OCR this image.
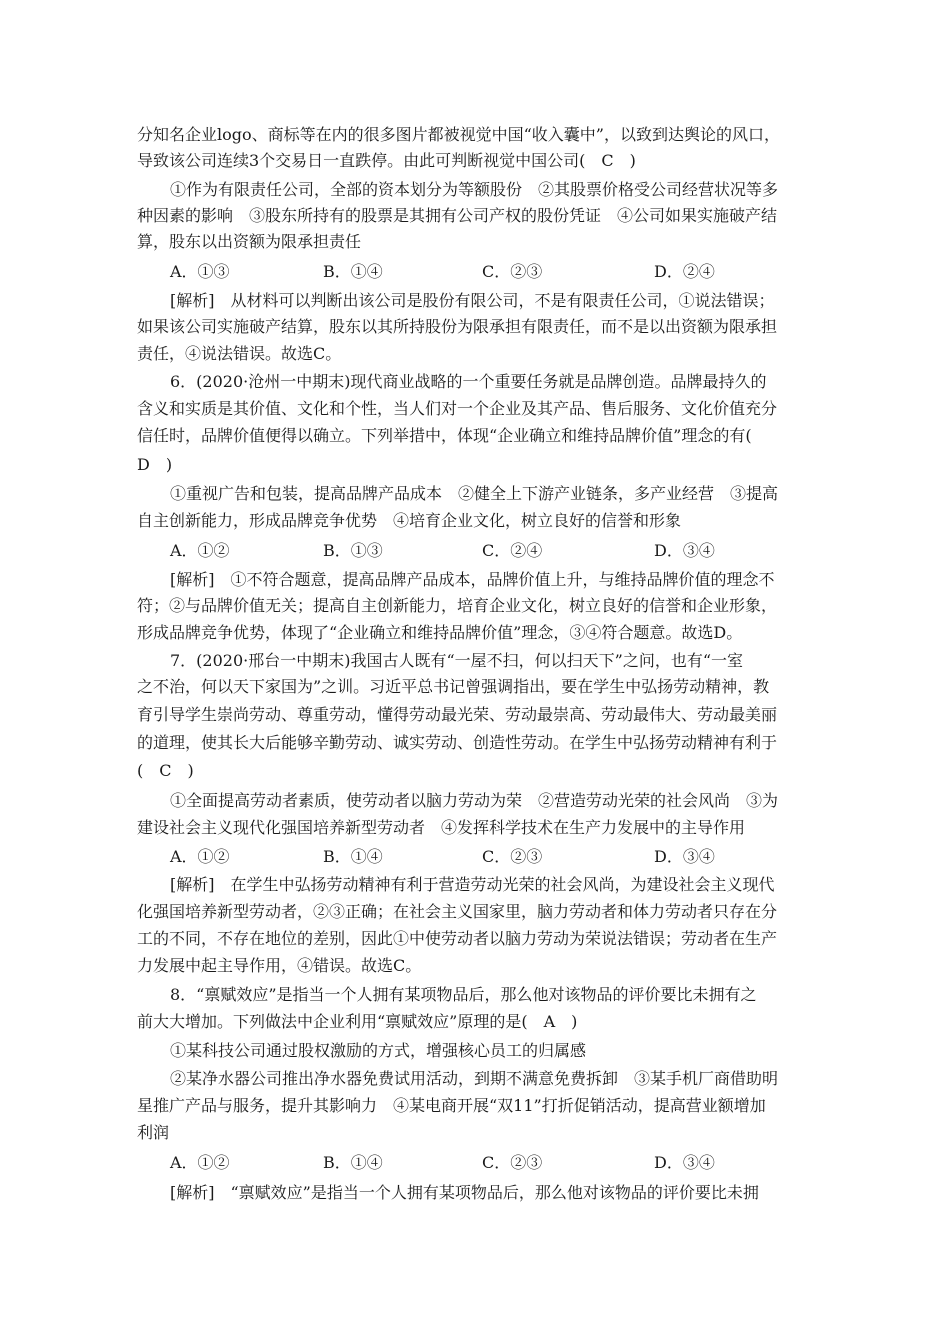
分知名企业logo、商标等在内的很多图片都被视觉中国“收入囊中”，以致到达舆论的风口，
导致该公司连续3个交易日一直跌停。由此可判断视觉中国公司(　C　)
①作为有限责任公司，全部的资本划分为等额股份　②其股票价格受公司经营状况等多
种因素的影响　③股东所持有的股票是其拥有公司产权的股份凭证　④公司如果实施破产结
算，股东以出资额为限承担责任
A．①③	B．①④	C．②③	D．②④
[解析]　从材料可以判断出该公司是股份有限公司，不是有限责任公司，①说法错误；
如果该公司实施破产结算，股东以其所持股份为限承担有限责任，而不是以出资额为限承担
责任，④说法错误。故选C。
6．(2020·沧州一中期末)现代商业战略的一个重要任务就是品牌创造。品牌最持久的
含义和实质是其价值、文化和个性，当人们对一个企业及其产品、售后服务、文化价值充分
信任时，品牌价值便得以确立。下列举措中，体现“企业确立和维持品牌价值”理念的有(
D　)
①重视广告和包装，提高品牌产品成本　②健全上下游产业链条，多产业经营　③提高
自主创新能力，形成品牌竞争优势　④培育企业文化，树立良好的信誉和形象
A．①②	B．①③	C．②④	D．③④
[解析]　①不符合题意，提高品牌产品成本，品牌价值上升，与维持品牌价值的理念不
符；②与品牌价值无关；提高自主创新能力，培育企业文化，树立良好的信誉和企业形象，
形成品牌竞争优势，体现了“企业确立和维持品牌价值”理念，③④符合题意。故选D。
7．(2020·邢台一中期末)我国古人既有“一屋不扫，何以扫天下”之问，也有“一室
之不治，何以天下家国为”之训。习近平总书记曾强调指出，要在学生中弘扬劳动精神，教
育引导学生崇尚劳动、尊重劳动，懂得劳动最光荣、劳动最崇高、劳动最伟大、劳动最美丽
的道理，使其长大后能够辛勤劳动、诚实劳动、创造性劳动。在学生中弘扬劳动精神有利于
(　C　)
①全面提高劳动者素质，使劳动者以脑力劳动为荣　②营造劳动光荣的社会风尚　③为
建设社会主义现代化强国培养新型劳动者　④发挥科学技术在生产力发展中的主导作用
A．①②	B．①④	C．②③	D．③④
[解析]　在学生中弘扬劳动精神有利于营造劳动光荣的社会风尚，为建设社会主义现代
化强国培养新型劳动者，②③正确；在社会主义国家里，脑力劳动者和体力劳动者只存在分
工的不同，不存在地位的差别，因此①中使劳动者以脑力劳动为荣说法错误；劳动者在生产
力发展中起主导作用，④错误。故选C。
8．“禀赋效应”是指当一个人拥有某项物品后，那么他对该物品的评价要比未拥有之
前大大增加。下列做法中企业利用“禀赋效应”原理的是(　A　)
①某科技公司通过股权激励的方式，增强核心员工的归属感
②某净水器公司推出净水器免费试用活动，到期不满意免费拆卸　③某手机厂商借助明
星推广产品与服务，提升其影响力　④某电商开展“双11”打折促销活动，提高营业额增加
利润
A．①②	B．①④	C．②③	D．③④
[解析]　“禀赋效应”是指当一个人拥有某项物品后，那么他对该物品的评价要比未拥
